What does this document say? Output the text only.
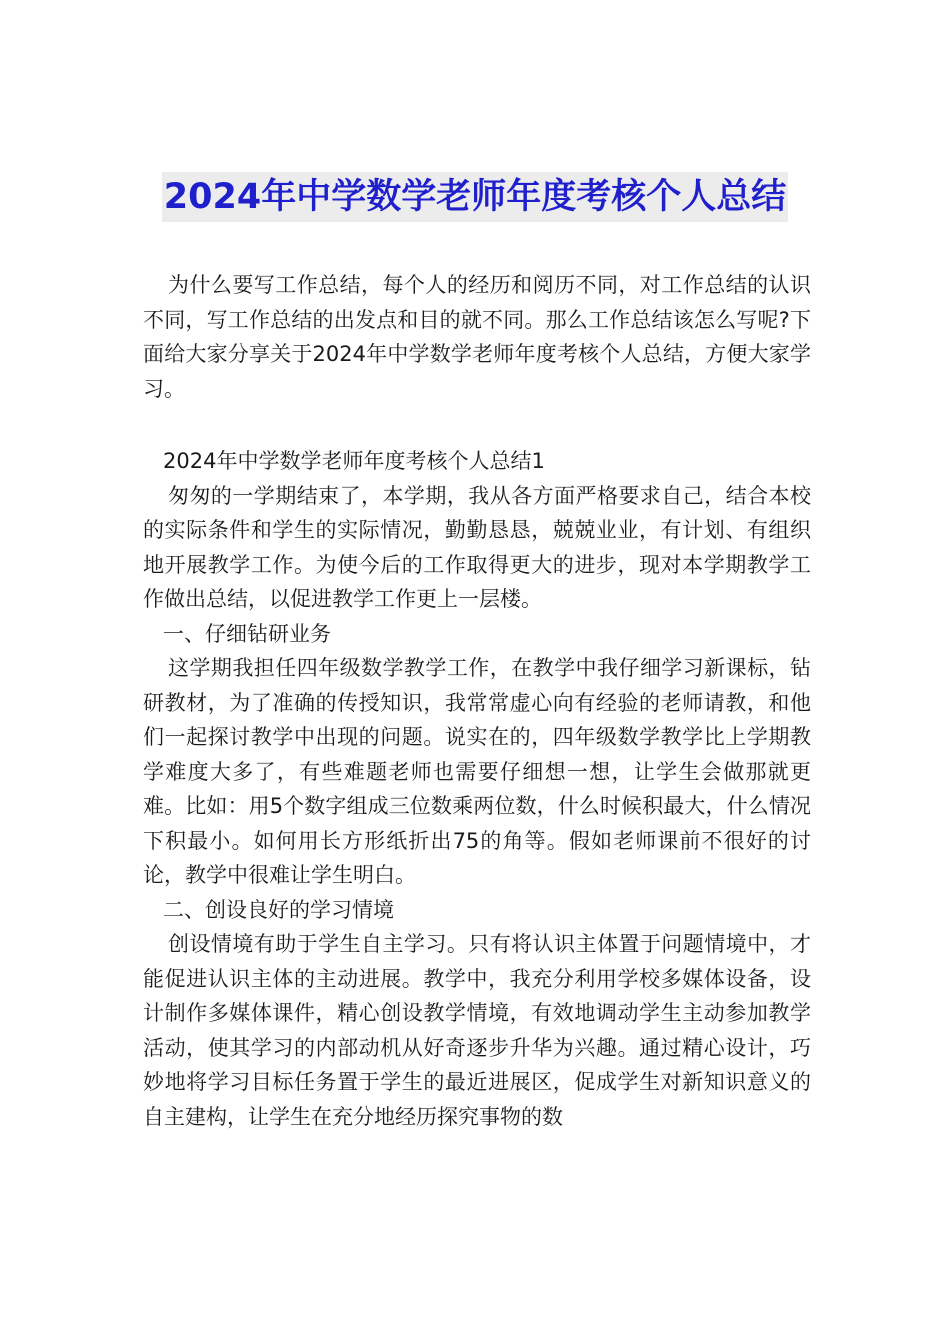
2024年中学数学老师年度考核个人总结

为什么要写工作总结，每个人的经历和阅历不同，对工作总结的认识不同，写工作总结的出发点和目的就不同。那么工作总结该怎么写呢?下面给大家分享关于2024年中学数学老师年度考核个人总结，方便大家学习。

2024年中学数学老师年度考核个人总结1

匆匆的一学期结束了，本学期，我从各方面严格要求自己，结合本校的实际条件和学生的实际情况，勤勤恳恳，兢兢业业，有计划、有组织地开展教学工作。为使今后的工作取得更大的进步，现对本学期教学工作做出总结，以促进教学工作更上一层楼。

一、仔细钻研业务

这学期我担任四年级数学教学工作，在教学中我仔细学习新课标，钻研教材，为了准确的传授知识，我常常虚心向有经验的老师请教，和他们一起探讨教学中出现的问题。说实在的，四年级数学教学比上学期教学难度大多了，有些难题老师也需要仔细想一想，让学生会做那就更难。比如：用5个数字组成三位数乘两位数，什么时候积最大，什么情况下积最小。如何用长方形纸折出75的角等。假如老师课前不很好的讨论，教学中很难让学生明白。

二、创设良好的学习情境

创设情境有助于学生自主学习。只有将认识主体置于问题情境中，才能促进认识主体的主动进展。教学中，我充分利用学校多媒体设备，设计制作多媒体课件，精心创设教学情境，有效地调动学生主动参加教学活动，使其学习的内部动机从好奇逐步升华为兴趣。通过精心设计，巧妙地将学习目标任务置于学生的最近进展区，促成学生对新知识意义的自主建构，让学生在充分地经历探究事物的数
